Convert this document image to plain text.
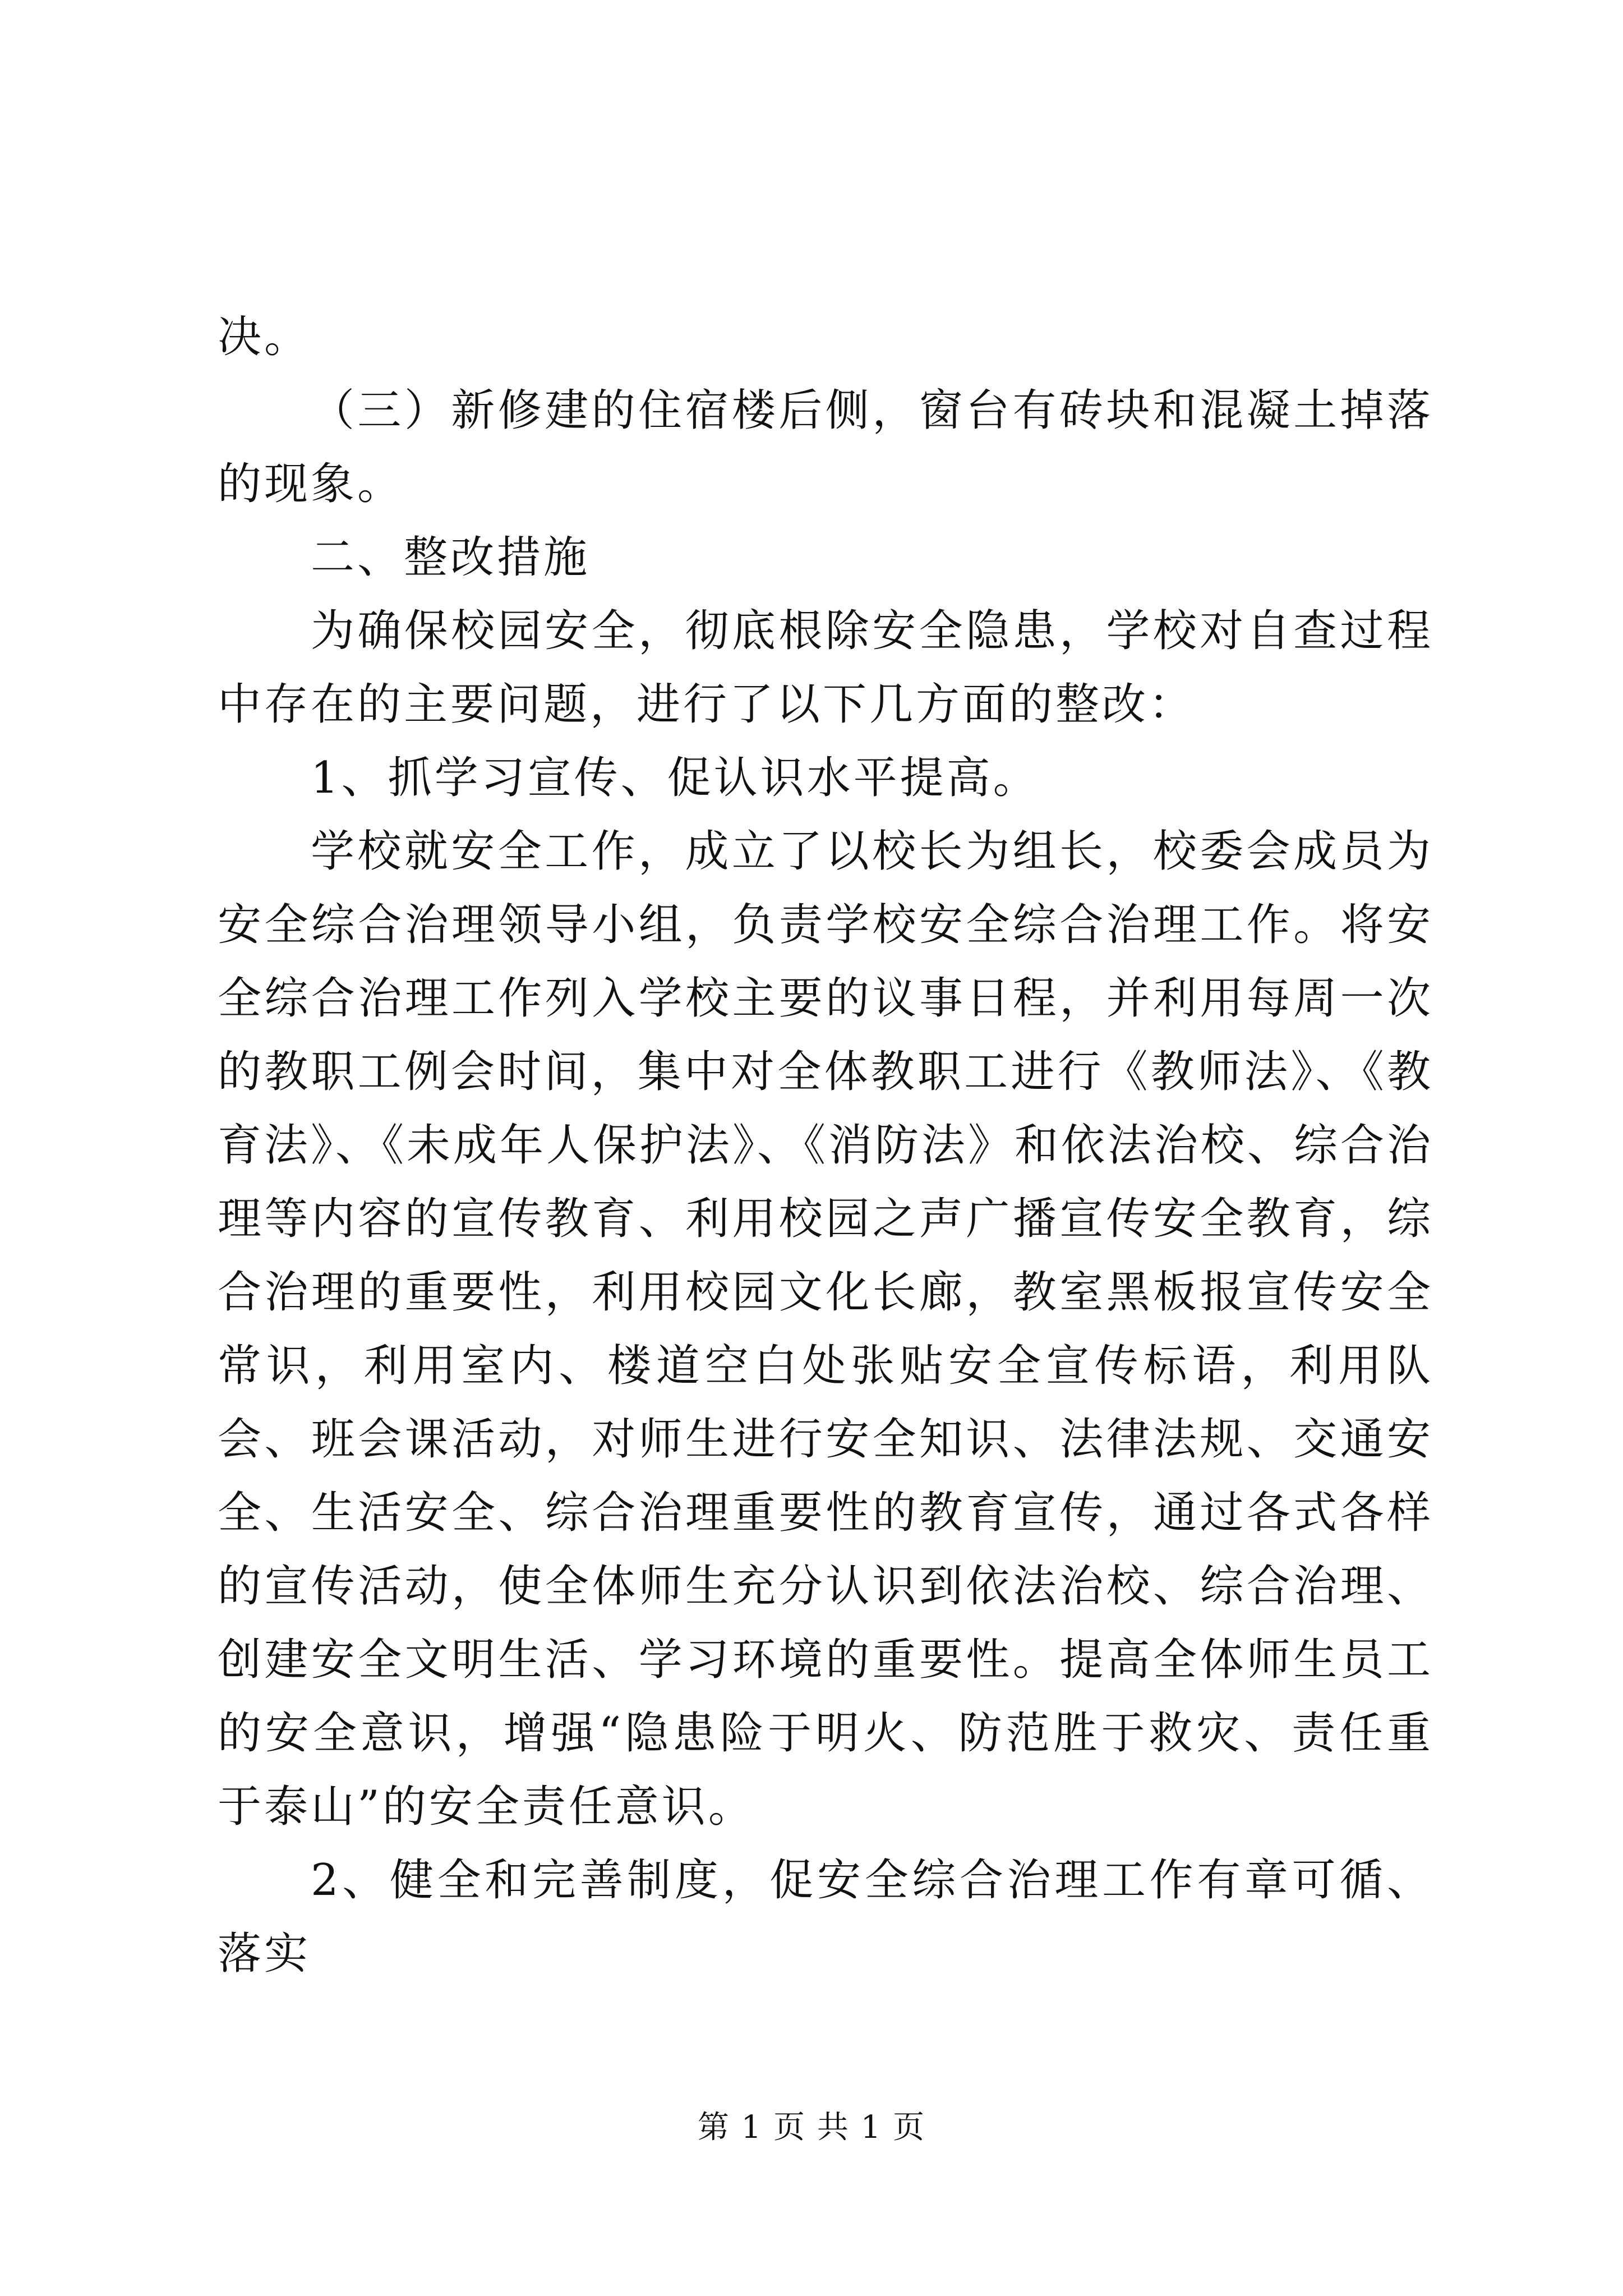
决。

（三）新修建的住宿楼后侧，窗台有砖块和混凝土掉落的现象。

二、整改措施

为确保校园安全，彻底根除安全隐患，学校对自查过程中存在的主要问题，进行了以下几方面的整改：

1、抓学习宣传、促认识水平提高。

学校就安全工作，成立了以校长为组长，校委会成员为安全综合治理领导小组，负责学校安全综合治理工作。将安全综合治理工作列入学校主要的议事日程，并利用每周一次的教职工例会时间，集中对全体教职工进行《教师法》、《教育法》、《未成年人保护法》、《消防法》和依法治校、综合治理等内容的宣传教育、利用校园之声广播宣传安全教育，综合治理的重要性，利用校园文化长廊，教室黑板报宣传安全常识，利用室内、楼道空白处张贴安全宣传标语，利用队会、班会课活动，对师生进行安全知识、法律法规、交通安全、生活安全、综合治理重要性的教育宣传，通过各式各样的宣传活动，使全体师生充分认识到依法治校、综合治理、创建安全文明生活、学习环境的重要性。提高全体师生员工的安全意识，增强“隐患险于明火、防范胜于救灾、责任重于泰山”的安全责任意识。

2、健全和完善制度，促安全综合治理工作有章可循、落实

第 1 页 共 1 页
